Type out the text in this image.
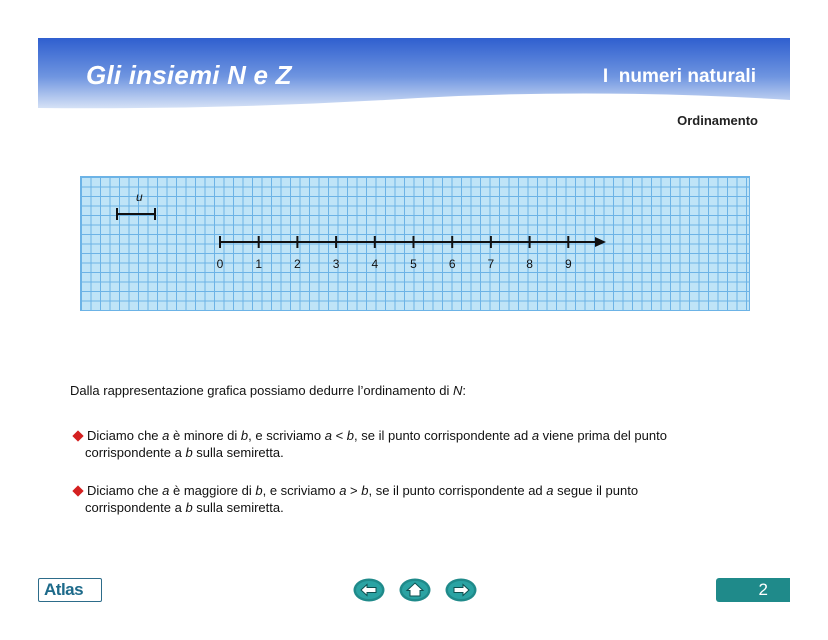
Gli insiemi N e Z	I  numeri naturali
Ordinamento
u
0	1	2	3	4	5	6	7	8	9
Dalla rappresentazione grafica possiamo dedurre l’ordinamento di N:
Diciamo che a è minore di b, e scriviamo a < b, se il punto corrispondente ad a viene prima del punto
corrispondente a b sulla semiretta.
Diciamo che a è maggiore di b, e scriviamo a > b, se il punto corrispondente ad a segue il punto
corrispondente a b sulla semiretta.
Atlas	2
